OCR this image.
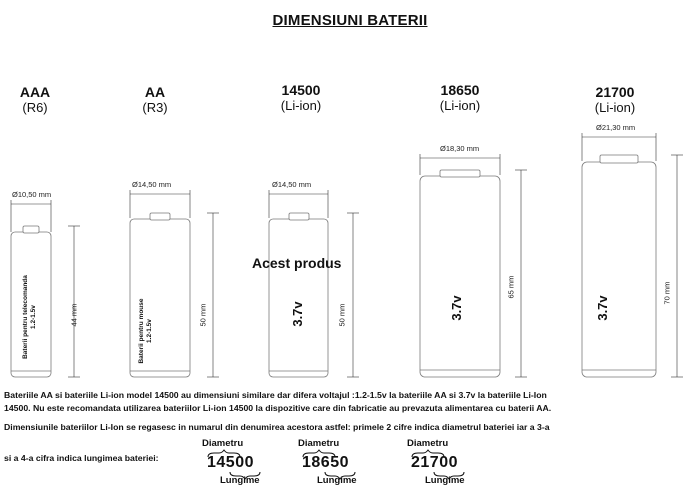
DIMENSIUNI BATERII
AAA
(R6)
AA
(R3)
14500
(Li-ion)
18650
(Li-ion)
21700
(Li-ion)
Ø10,50 mm
Ø14,50 mm	Ø14,50 mm
Ø18,30 mm
Ø21,30 mm
44 mm	50 mm	50 mm
65 mm	70 mm
Baterii pentru telecomanda
1.2-1.5v	Baterii pentru mouse
1.2-1.5v
Acest produs
3.7v	3.7v	3.7v
Bateriile AA si bateriile Li-ion model 14500 au dimensiuni similare dar difera voltajul :1.2-1.5v la bateriile AA si 3.7v la bateriile Li-Ion
14500. Nu este recomandata utilizarea bateriilor Li-ion 14500 la dispozitive care din fabricatie au prevazuta alimentarea cu baterii AA.
Dimensiunile bateriilor Li-Ion se regasesc in numarul din denumirea acestora astfel: primele 2 cifre indica diametrul bateriei iar a 3-a
si a 4-a cifra indica lungimea bateriei:
Diametru
14500
Lungime
Diametru
18650
Lungime
Diametru
21700
Lungime
